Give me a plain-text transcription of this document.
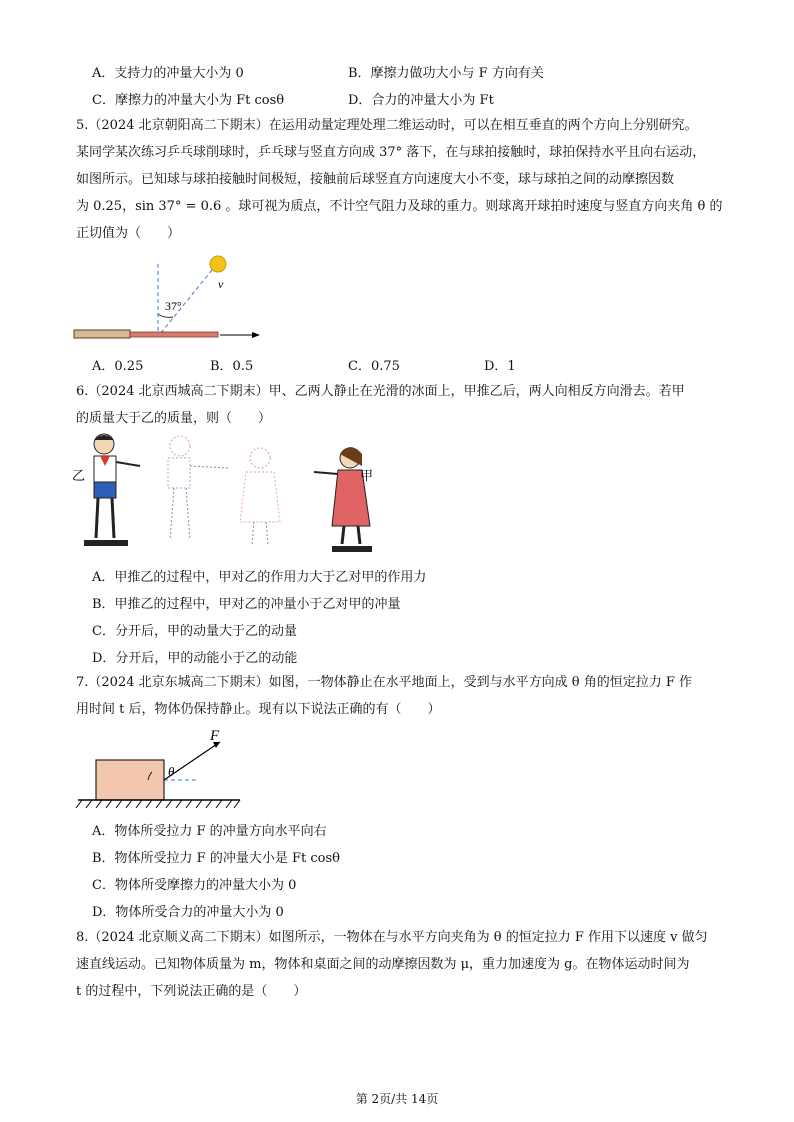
A．支持力的冲量大小为 0	B．摩擦力做功大小与 F 方向有关
C．摩擦力的冲量大小为 Ft cosθ	D．合力的冲量大小为 Ft
5.（2024 北京朝阳高二下期末）在运用动量定理处理二维运动时，可以在相互垂直的两个方向上分别研究。
某同学某次练习乒乓球削球时，乒乓球与竖直方向成 37° 落下，在与球拍接触时，球拍保持水平且向右运动，
如图所示。已知球与球拍接触时间极短，接触前后球竖直方向速度大小不变，球与球拍之间的动摩擦因数
为 0.25，sin 37° = 0.6 。球可视为质点，不计空气阻力及球的重力。则球离开球拍时速度与竖直方向夹角 θ 的
正切值为（　　）
37°
v
A．0.25	B．0.5	C．0.75	D．1
6.（2024 北京西城高二下期末）甲、乙两人静止在光滑的冰面上，甲推乙后，两人向相反方向滑去。若甲
的质量大于乙的质量，则（　　）
乙	甲
A．甲推乙的过程中，甲对乙的作用力大于乙对甲的作用力
B．甲推乙的过程中，甲对乙的冲量小于乙对甲的冲量
C．分开后，甲的动量大于乙的动量
D．分开后，甲的动能小于乙的动能
7.（2024 北京东城高二下期末）如图，一物体静止在水平地面上，受到与水平方向成 θ 角的恒定拉力 F 作
用时间 t 后，物体仍保持静止。现有以下说法正确的有（　　）
F
θ
A．物体所受拉力 F 的冲量方向水平向右
B．物体所受拉力 F 的冲量大小是 Ft cosθ
C．物体所受摩擦力的冲量大小为 0
D．物体所受合力的冲量大小为 0
8.（2024 北京顺义高二下期末）如图所示，一物体在与水平方向夹角为 θ 的恒定拉力 F 作用下以速度 v 做匀
速直线运动。已知物体质量为 m，物体和桌面之间的动摩擦因数为 μ，重力加速度为 g。在物体运动时间为
t 的过程中，下列说法正确的是（　　）
第 2页/共 14页
